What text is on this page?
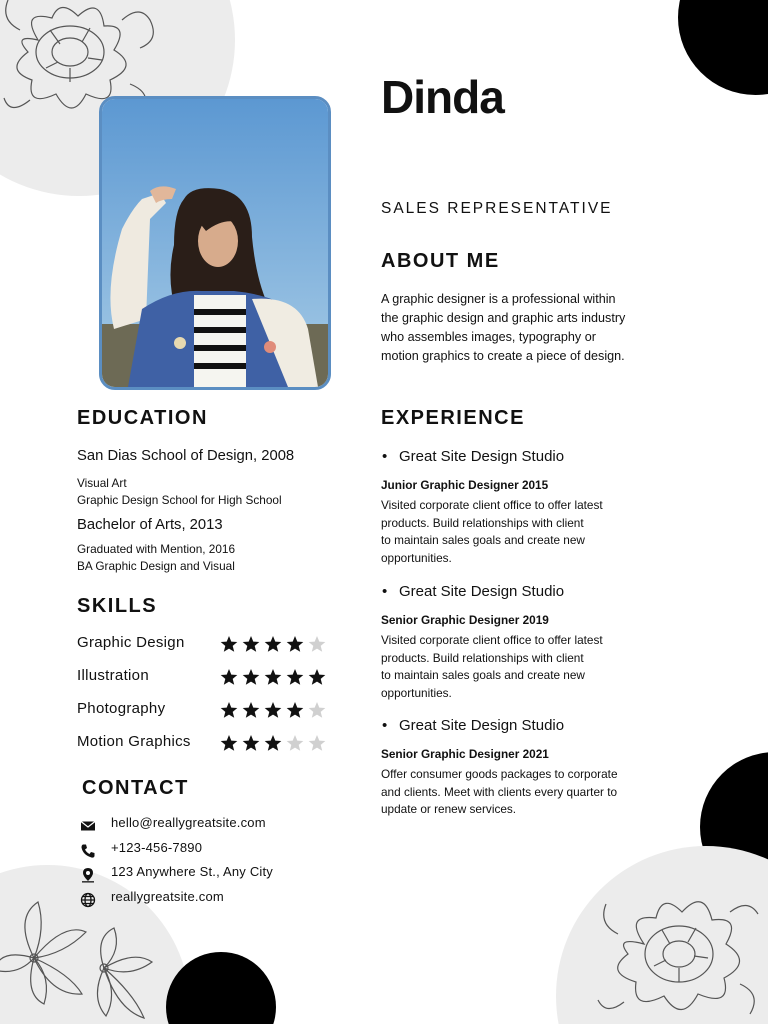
Dinda
SALES REPRESENTATIVE
ABOUT ME
A graphic designer is a professional within
the graphic design and graphic arts industry
who assembles images, typography or
motion graphics to create a piece of design.
EDUCATION
San Dias School of Design, 2008
Visual Art
Graphic Design School for High School
Bachelor of Arts, 2013
Graduated with Mention, 2016
BA Graphic Design and Visual
SKILLS
Graphic Design
Illustration
Photography
Motion Graphics
CONTACT
hello@reallygreatsite.com
+123-456-7890
123 Anywhere St., Any City
reallygreatsite.com
EXPERIENCE
• Great Site Design Studio
Junior Graphic Designer 2015
Visited corporate client office to offer latest
products. Build relationships with client
to maintain sales goals and create new
opportunities.
• Great Site Design Studio
Senior Graphic Designer 2019
Visited corporate client office to offer latest
products. Build relationships with client
to maintain sales goals and create new
opportunities.
• Great Site Design Studio
Senior Graphic Designer 2021
Offer consumer goods packages to corporate
and clients. Meet with clients every quarter to
update or renew services.
